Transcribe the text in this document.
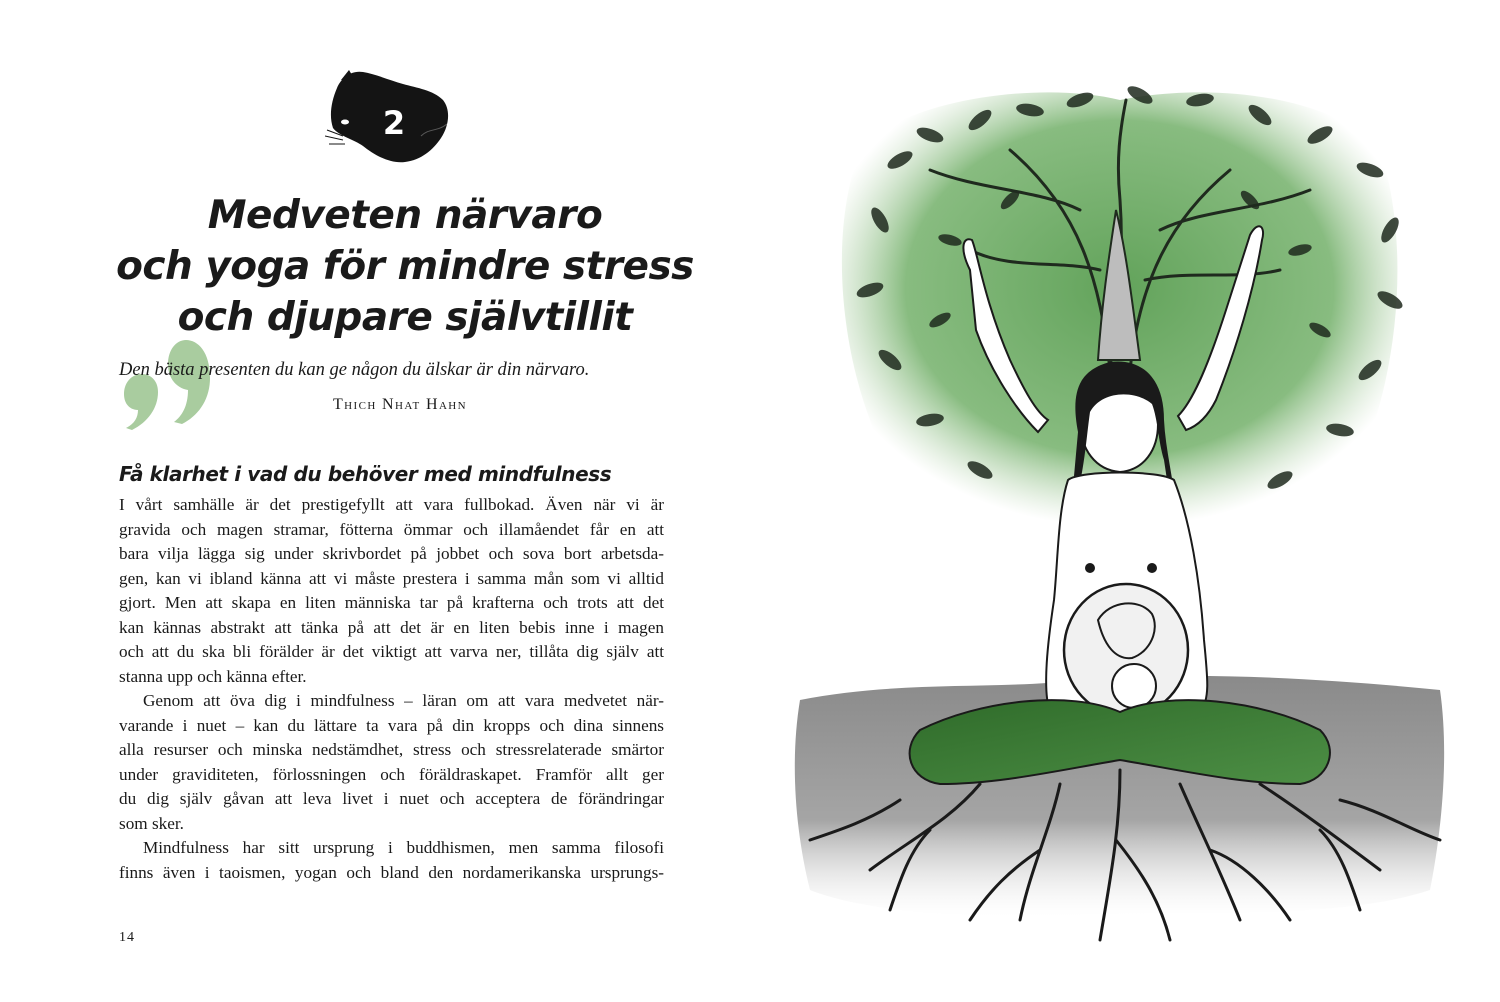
2
Medveten närvaro
och yoga för mindre stress
och djupare självtillit

Den bästa presenten du kan ge någon du älskar är din närvaro.

Thich Nhat Hahn
Få klarhet i vad du behöver med mindfulness
I vårt samhälle är det prestigefyllt att vara fullbokad. Även när vi är
gravida och magen stramar, fötterna ömmar och illamåendet får en att
bara vilja lägga sig under skrivbordet på jobbet och sova bort arbetsda-
gen, kan vi ibland känna att vi måste prestera i samma mån som vi alltid
gjort. Men att skapa en liten människa tar på krafterna och trots att det
kan kännas abstrakt att tänka på att det är en liten bebis inne i magen
och att du ska bli förälder är det viktigt att varva ner, tillåta dig själv att
stanna upp och känna efter.
Genom att öva dig i mindfulness – läran om att vara medvetet när-
varande i nuet – kan du lättare ta vara på din kropps och dina sinnens
alla resurser och minska nedstämdhet, stress och stressrelaterade smärtor
under graviditeten, förlossningen och föräldraskapet. Framför allt ger
du dig själv gåvan att leva livet i nuet och acceptera de förändringar
som sker.
Mindfulness har sitt ursprung i buddhismen, men samma filosofi
finns även i taoismen, yogan och bland den nordamerikanska ursprungs-
14
